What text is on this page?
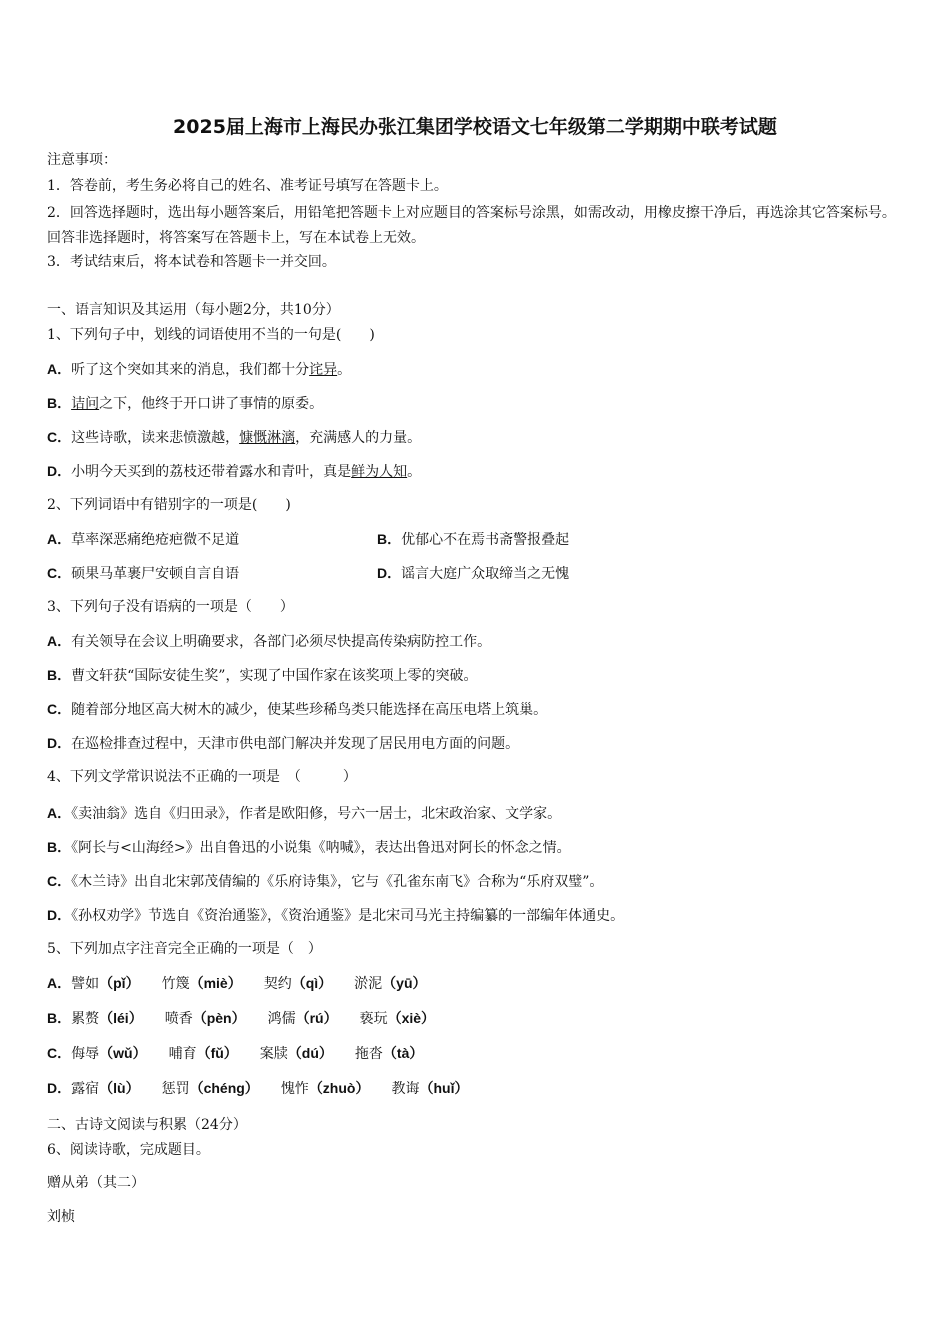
2025届上海市上海民办张江集团学校语文七年级第二学期期中联考试题
注意事项：
1．答卷前，考生务必将自己的姓名、准考证号填写在答题卡上。
2．回答选择题时，选出每小题答案后，用铅笔把答题卡上对应题目的答案标号涂黑，如需改动，用橡皮擦干净后，再选涂其它答案标号。回答非选择题时，将答案写在答题卡上，写在本试卷上无效。
3．考试结束后，将本试卷和答题卡一并交回。
一、语言知识及其运用（每小题2分，共10分）
1、下列句子中，划线的词语使用不当的一句是(　　)
A．听了这个突如其来的消息，我们都十分诧异。
B．诘问之下，他终于开口讲了事情的原委。
C．这些诗歌，读来悲愤激越，慷慨淋漓，充满感人的力量。
D．小明今天买到的荔枝还带着露水和青叶，真是鲜为人知。
2、下列词语中有错别字的一项是(　　)
A．草率深恶痛绝疮疤微不足道	B．优郁心不在焉书斋警报叠起
C．硕果马革裹尸安顿自言自语	D．谣言大庭广众取缔当之无愧
3、下列句子没有语病的一项是（　　）
A．有关领导在会议上明确要求，各部门必须尽快提高传染病防控工作。
B．曹文轩获“国际安徒生奖”，实现了中国作家在该奖项上零的突破。
C．随着部分地区高大树木的减少，使某些珍稀鸟类只能选择在高压电塔上筑巢。
D．在巡检排查过程中，天津市供电部门解决并发现了居民用电方面的问题。
4、下列文学常识说法不正确的一项是　（　　　）
A．《卖油翁》选自《归田录》，作者是欧阳修，号六一居士，北宋政治家、文学家。
B．《阿长与<山海经>》出自鲁迅的小说集《呐喊》，表达出鲁迅对阿长的怀念之情。
C．《木兰诗》出自北宋郭茂倩编的《乐府诗集》，它与《孔雀东南飞》合称为“乐府双璧”。
D．《孙权劝学》节选自《资治通鉴》，《资治通鉴》是北宋司马光主持编纂的一部编年体通史。
5、下列加点字注音完全正确的一项是（　）
A．譬如（pǐ） 竹篾（miè） 契约（qì） 淤泥（yū）
B．累赘（léi） 喷香（pèn） 鸿儒（rú） 亵玩（xiè）
C．侮辱（wǔ） 哺育（fǔ） 案牍（dú） 拖沓（tà）
D．露宿（lù） 惩罚（chéng） 愧怍（zhuò） 教诲（huǐ）
二、古诗文阅读与积累（24分）
6、阅读诗歌，完成题目。
赠从弟（其二）
刘桢
